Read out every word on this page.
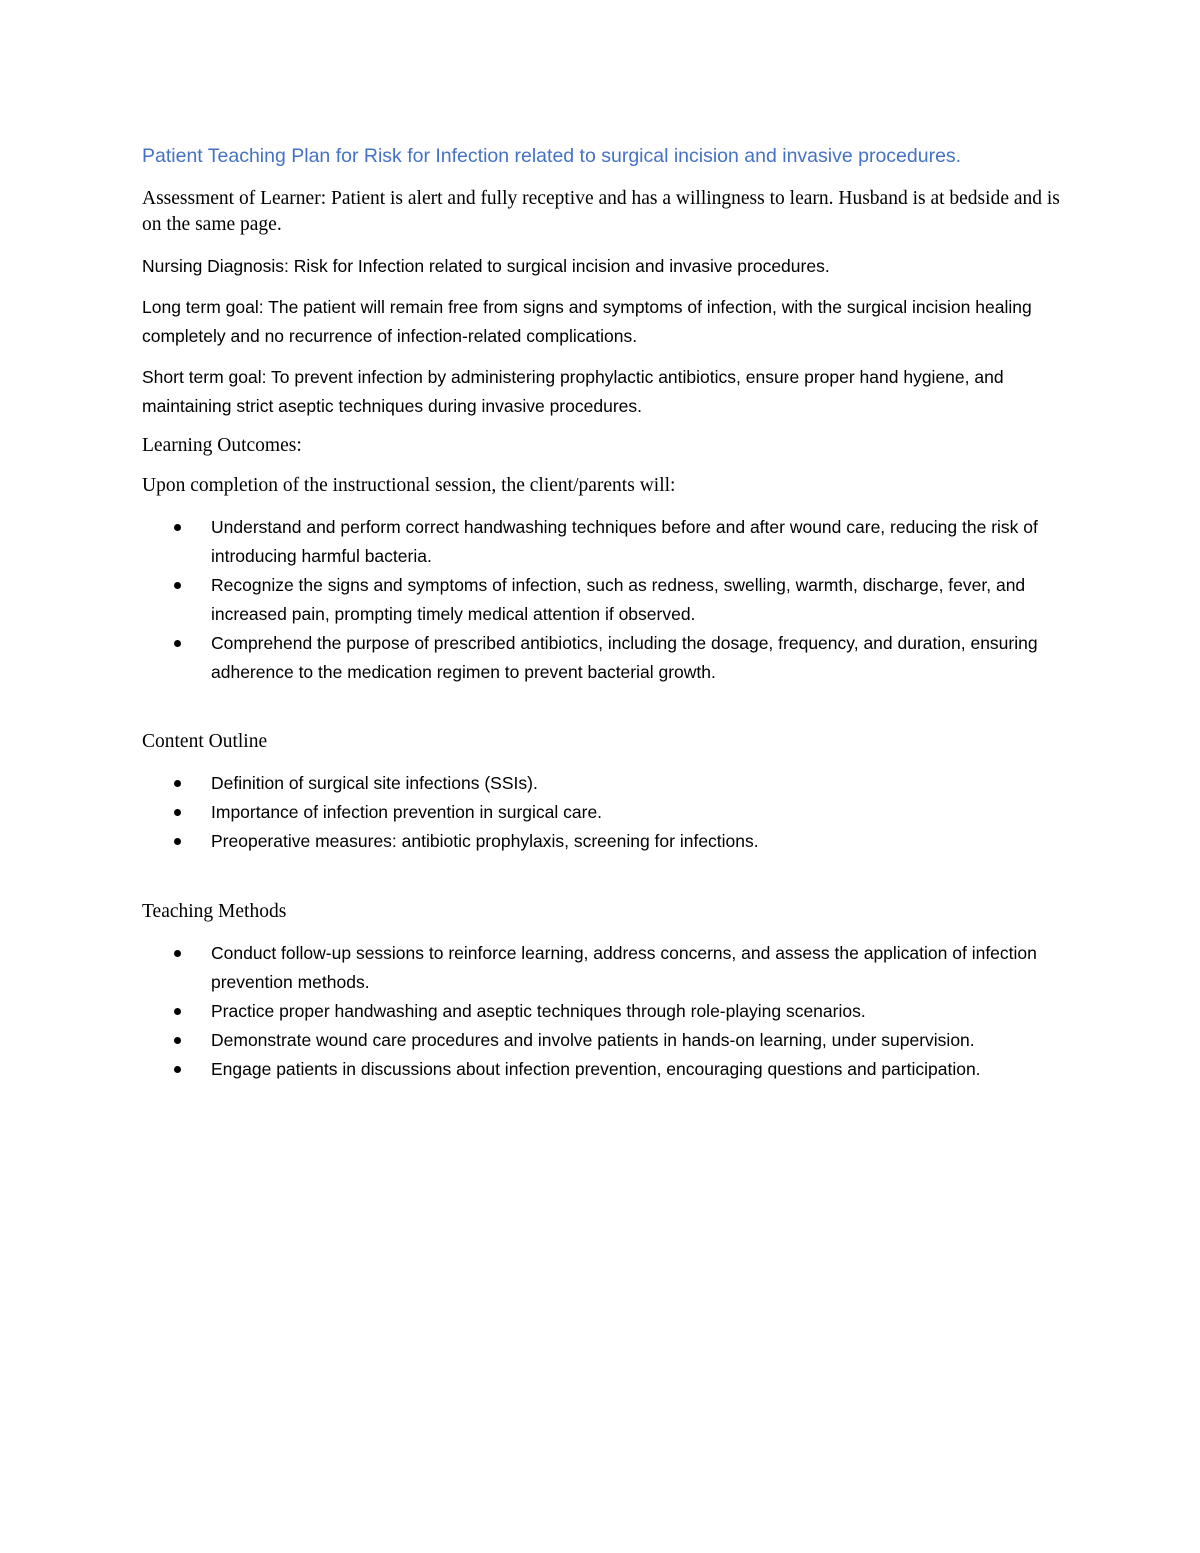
Patient Teaching Plan for Risk for Infection related to surgical incision and invasive procedures.

Assessment of Learner: Patient is alert and fully receptive and has a willingness to learn. Husband is at bedside and is on the same page.

Nursing Diagnosis: Risk for Infection related to surgical incision and invasive procedures.

Long term goal: The patient will remain free from signs and symptoms of infection, with the surgical incision healing completely and no recurrence of infection-related complications.

Short term goal: To prevent infection by administering prophylactic antibiotics, ensure proper hand hygiene, and maintaining strict aseptic techniques during invasive procedures.

Learning Outcomes:

Upon completion of the instructional session, the client/parents will:

Understand and perform correct handwashing techniques before and after wound care, reducing the risk of introducing harmful bacteria.
Recognize the signs and symptoms of infection, such as redness, swelling, warmth, discharge, fever, and increased pain, prompting timely medical attention if observed.
Comprehend the purpose of prescribed antibiotics, including the dosage, frequency, and duration, ensuring adherence to the medication regimen to prevent bacterial growth.

Content Outline

Definition of surgical site infections (SSIs).
Importance of infection prevention in surgical care.
Preoperative measures: antibiotic prophylaxis, screening for infections.

Teaching Methods

Conduct follow-up sessions to reinforce learning, address concerns, and assess the application of infection prevention methods.
Practice proper handwashing and aseptic techniques through role-playing scenarios.
Demonstrate wound care procedures and involve patients in hands-on learning, under supervision.
Engage patients in discussions about infection prevention, encouraging questions and participation.
